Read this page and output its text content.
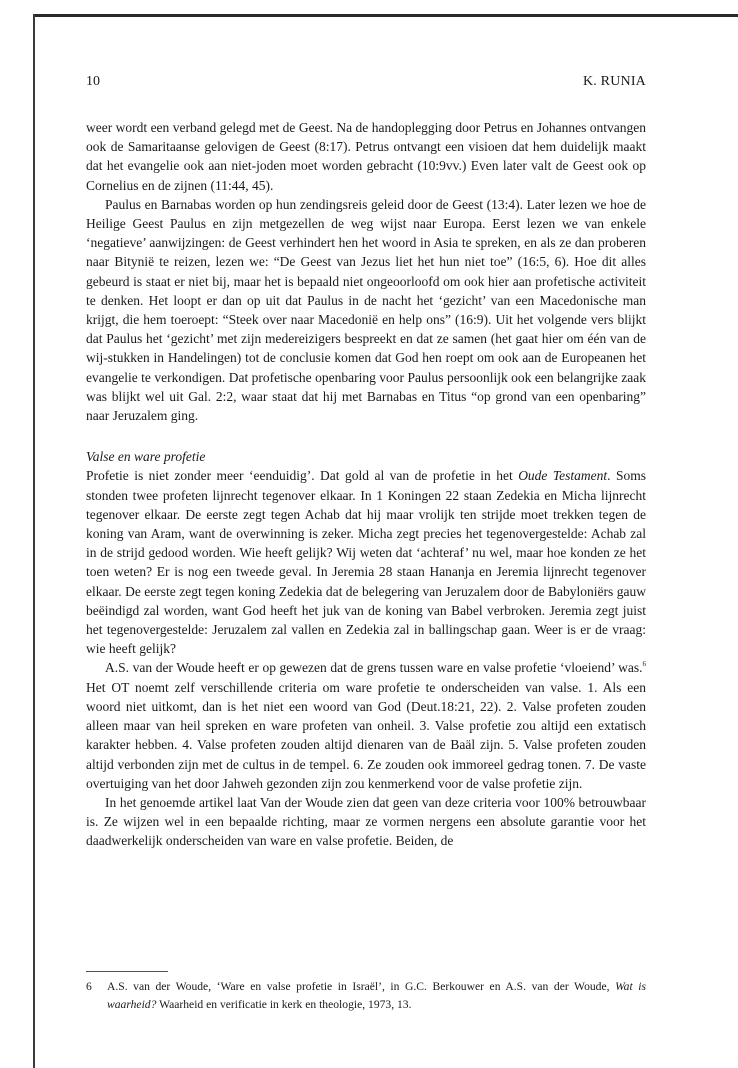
10	K. RUNIA

weer wordt een verband gelegd met de Geest. Na de handoplegging door Petrus en Johannes ontvangen ook de Samaritaanse gelovigen de Geest (8:17). Petrus ontvangt een visioen dat hem duidelijk maakt dat het evangelie ook aan niet-joden moet worden gebracht (10:9vv.) Even later valt de Geest ook op Cornelius en de zijnen (11:44, 45).

Paulus en Barnabas worden op hun zendingsreis geleid door de Geest (13:4). Later lezen we hoe de Heilige Geest Paulus en zijn metgezellen de weg wijst naar Europa. Eerst lezen we van enkele ‘negatieve’ aanwijzingen: de Geest verhindert hen het woord in Asia te spreken, en als ze dan proberen naar Bitynië te reizen, lezen we: “De Geest van Jezus liet het hun niet toe” (16:5, 6). Hoe dit alles gebeurd is staat er niet bij, maar het is bepaald niet ongeoorloofd om ook hier aan profetische activiteit te denken. Het loopt er dan op uit dat Paulus in de nacht het ‘gezicht’ van een Macedonische man krijgt, die hem toeroept: “Steek over naar Macedonië en help ons” (16:9). Uit het volgende vers blijkt dat Paulus het ‘gezicht’ met zijn medereizigers bespreekt en dat ze samen (het gaat hier om één van de wij-stukken in Handelingen) tot de conclusie komen dat God hen roept om ook aan de Europeanen het evangelie te verkondigen. Dat profetische openbaring voor Paulus persoonlijk ook een belangrijke zaak was blijkt wel uit Gal. 2:2, waar staat dat hij met Barnabas en Titus “op grond van een openbaring” naar Jeruzalem ging.

Valse en ware profetie

Profetie is niet zonder meer ‘eenduidig’. Dat gold al van de profetie in het Oude Testament. Soms stonden twee profeten lijnrecht tegenover elkaar. In 1 Koningen 22 staan Zedekia en Micha lijnrecht tegenover elkaar. De eerste zegt tegen Achab dat hij maar vrolijk ten strijde moet trekken tegen de koning van Aram, want de overwinning is zeker. Micha zegt precies het tegenovergestelde: Achab zal in de strijd gedood worden. Wie heeft gelijk? Wij weten dat ‘achteraf’ nu wel, maar hoe konden ze het toen weten? Er is nog een tweede geval. In Jeremia 28 staan Hananja en Jeremia lijnrecht tegenover elkaar. De eerste zegt tegen koning Zedekia dat de belegering van Jeruzalem door de Babyloniërs gauw beëindigd zal worden, want God heeft het juk van de koning van Babel verbroken. Jeremia zegt juist het tegenovergestelde: Jeruzalem zal vallen en Zedekia zal in ballingschap gaan. Weer is er de vraag: wie heeft gelijk?

A.S. van der Woude heeft er op gewezen dat de grens tussen ware en valse profetie ‘vloeiend’ was.$^6$ Het OT noemt zelf verschillende criteria om ware profetie te onderscheiden van valse. 1. Als een woord niet uitkomt, dan is het niet een woord van God (Deut.18:21, 22). 2. Valse profeten zouden alleen maar van heil spreken en ware profeten van onheil. 3. Valse profetie zou altijd een extatisch karakter hebben. 4. Valse profeten zouden altijd dienaren van de Baäl zijn. 5. Valse profeten zouden altijd verbonden zijn met de cultus in de tempel. 6. Ze zouden ook immoreel gedrag tonen. 7. De vaste overtuiging van het door Jahweh gezonden zijn zou kenmerkend voor de valse profetie zijn.

In het genoemde artikel laat Van der Woude zien dat geen van deze criteria voor 100% betrouwbaar is. Ze wijzen wel in een bepaalde richting, maar ze vormen nergens een absolute garantie voor het daadwerkelijk onderscheiden van ware en valse profetie. Beiden, de

6 A.S. van der Woude, ‘Ware en valse profetie in Israël’, in G.C. Berkouwer en A.S. van der Woude, Wat is waarheid? Waarheid en verificatie in kerk en theologie, 1973, 13.
